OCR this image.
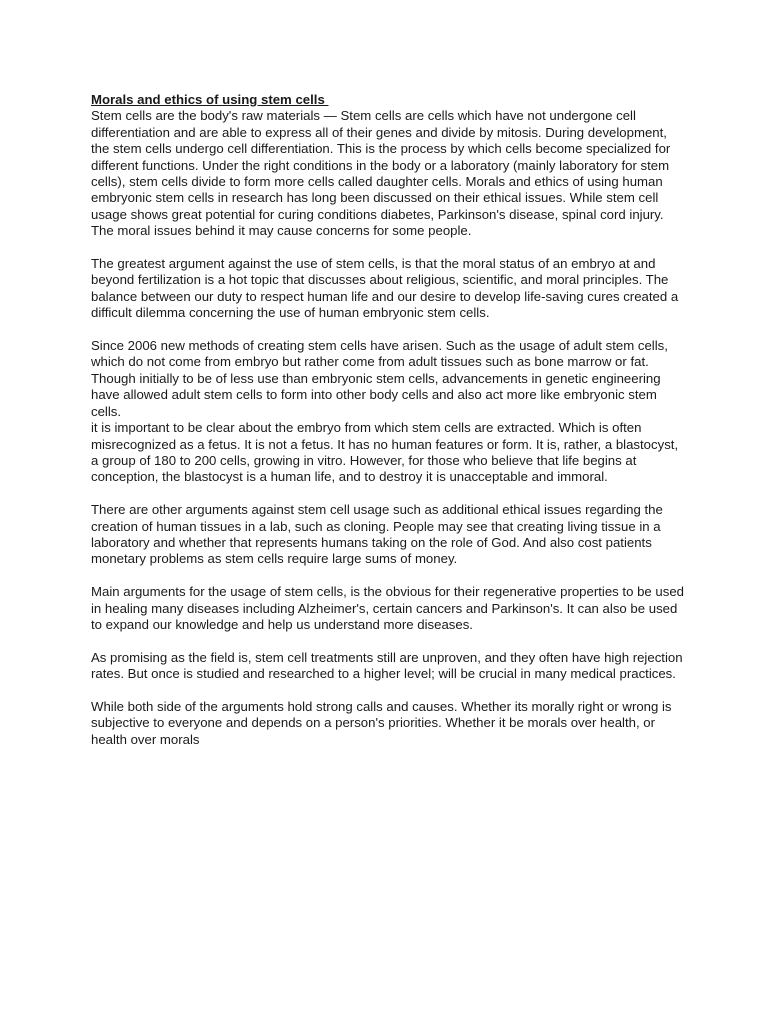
Morals and ethics of using stem cells

Stem cells are the body's raw materials — Stem cells are cells which have not undergone cell differentiation and are able to express all of their genes and divide by mitosis. During development, the stem cells undergo cell differentiation. This is the process by which cells become specialized for different functions. Under the right conditions in the body or a laboratory (mainly laboratory for stem cells), stem cells divide to form more cells called daughter cells. Morals and ethics of using human embryonic stem cells in research has long been discussed on their ethical issues. While stem cell usage shows great potential for curing conditions diabetes, Parkinson's disease, spinal cord injury. The moral issues behind it may cause concerns for some people.

The greatest argument against the use of stem cells, is that the moral status of an embryo at and beyond fertilization is a hot topic that discusses about religious, scientific, and moral principles. The balance between our duty to respect human life and our desire to develop life-saving cures created a difficult dilemma concerning the use of human embryonic stem cells.

Since 2006 new methods of creating stem cells have arisen. Such as the usage of adult stem cells, which do not come from embryo but rather come from adult tissues such as bone marrow or fat. Though initially to be of less use than embryonic stem cells, advancements in genetic engineering have allowed adult stem cells to form into other body cells and also act more like embryonic stem cells.

it is important to be clear about the embryo from which stem cells are extracted. Which is often misrecognized as a fetus. It is not a fetus. It has no human features or form. It is, rather, a blastocyst, a group of 180 to 200 cells, growing in vitro. However, for those who believe that life begins at conception, the blastocyst is a human life, and to destroy it is unacceptable and immoral.

There are other arguments against stem cell usage such as additional ethical issues regarding the creation of human tissues in a lab, such as cloning. People may see that creating living tissue in a laboratory and whether that represents humans taking on the role of God. And also cost patients monetary problems as stem cells require large sums of money.

Main arguments for the usage of stem cells, is the obvious for their regenerative properties to be used in healing many diseases including Alzheimer's, certain cancers and Parkinson's. It can also be used to expand our knowledge and help us understand more diseases.

As promising as the field is, stem cell treatments still are unproven, and they often have high rejection rates. But once is studied and researched to a higher level; will be crucial in many medical practices.

While both side of the arguments hold strong calls and causes. Whether its morally right or wrong is subjective to everyone and depends on a person's priorities. Whether it be morals over health, or health over morals
